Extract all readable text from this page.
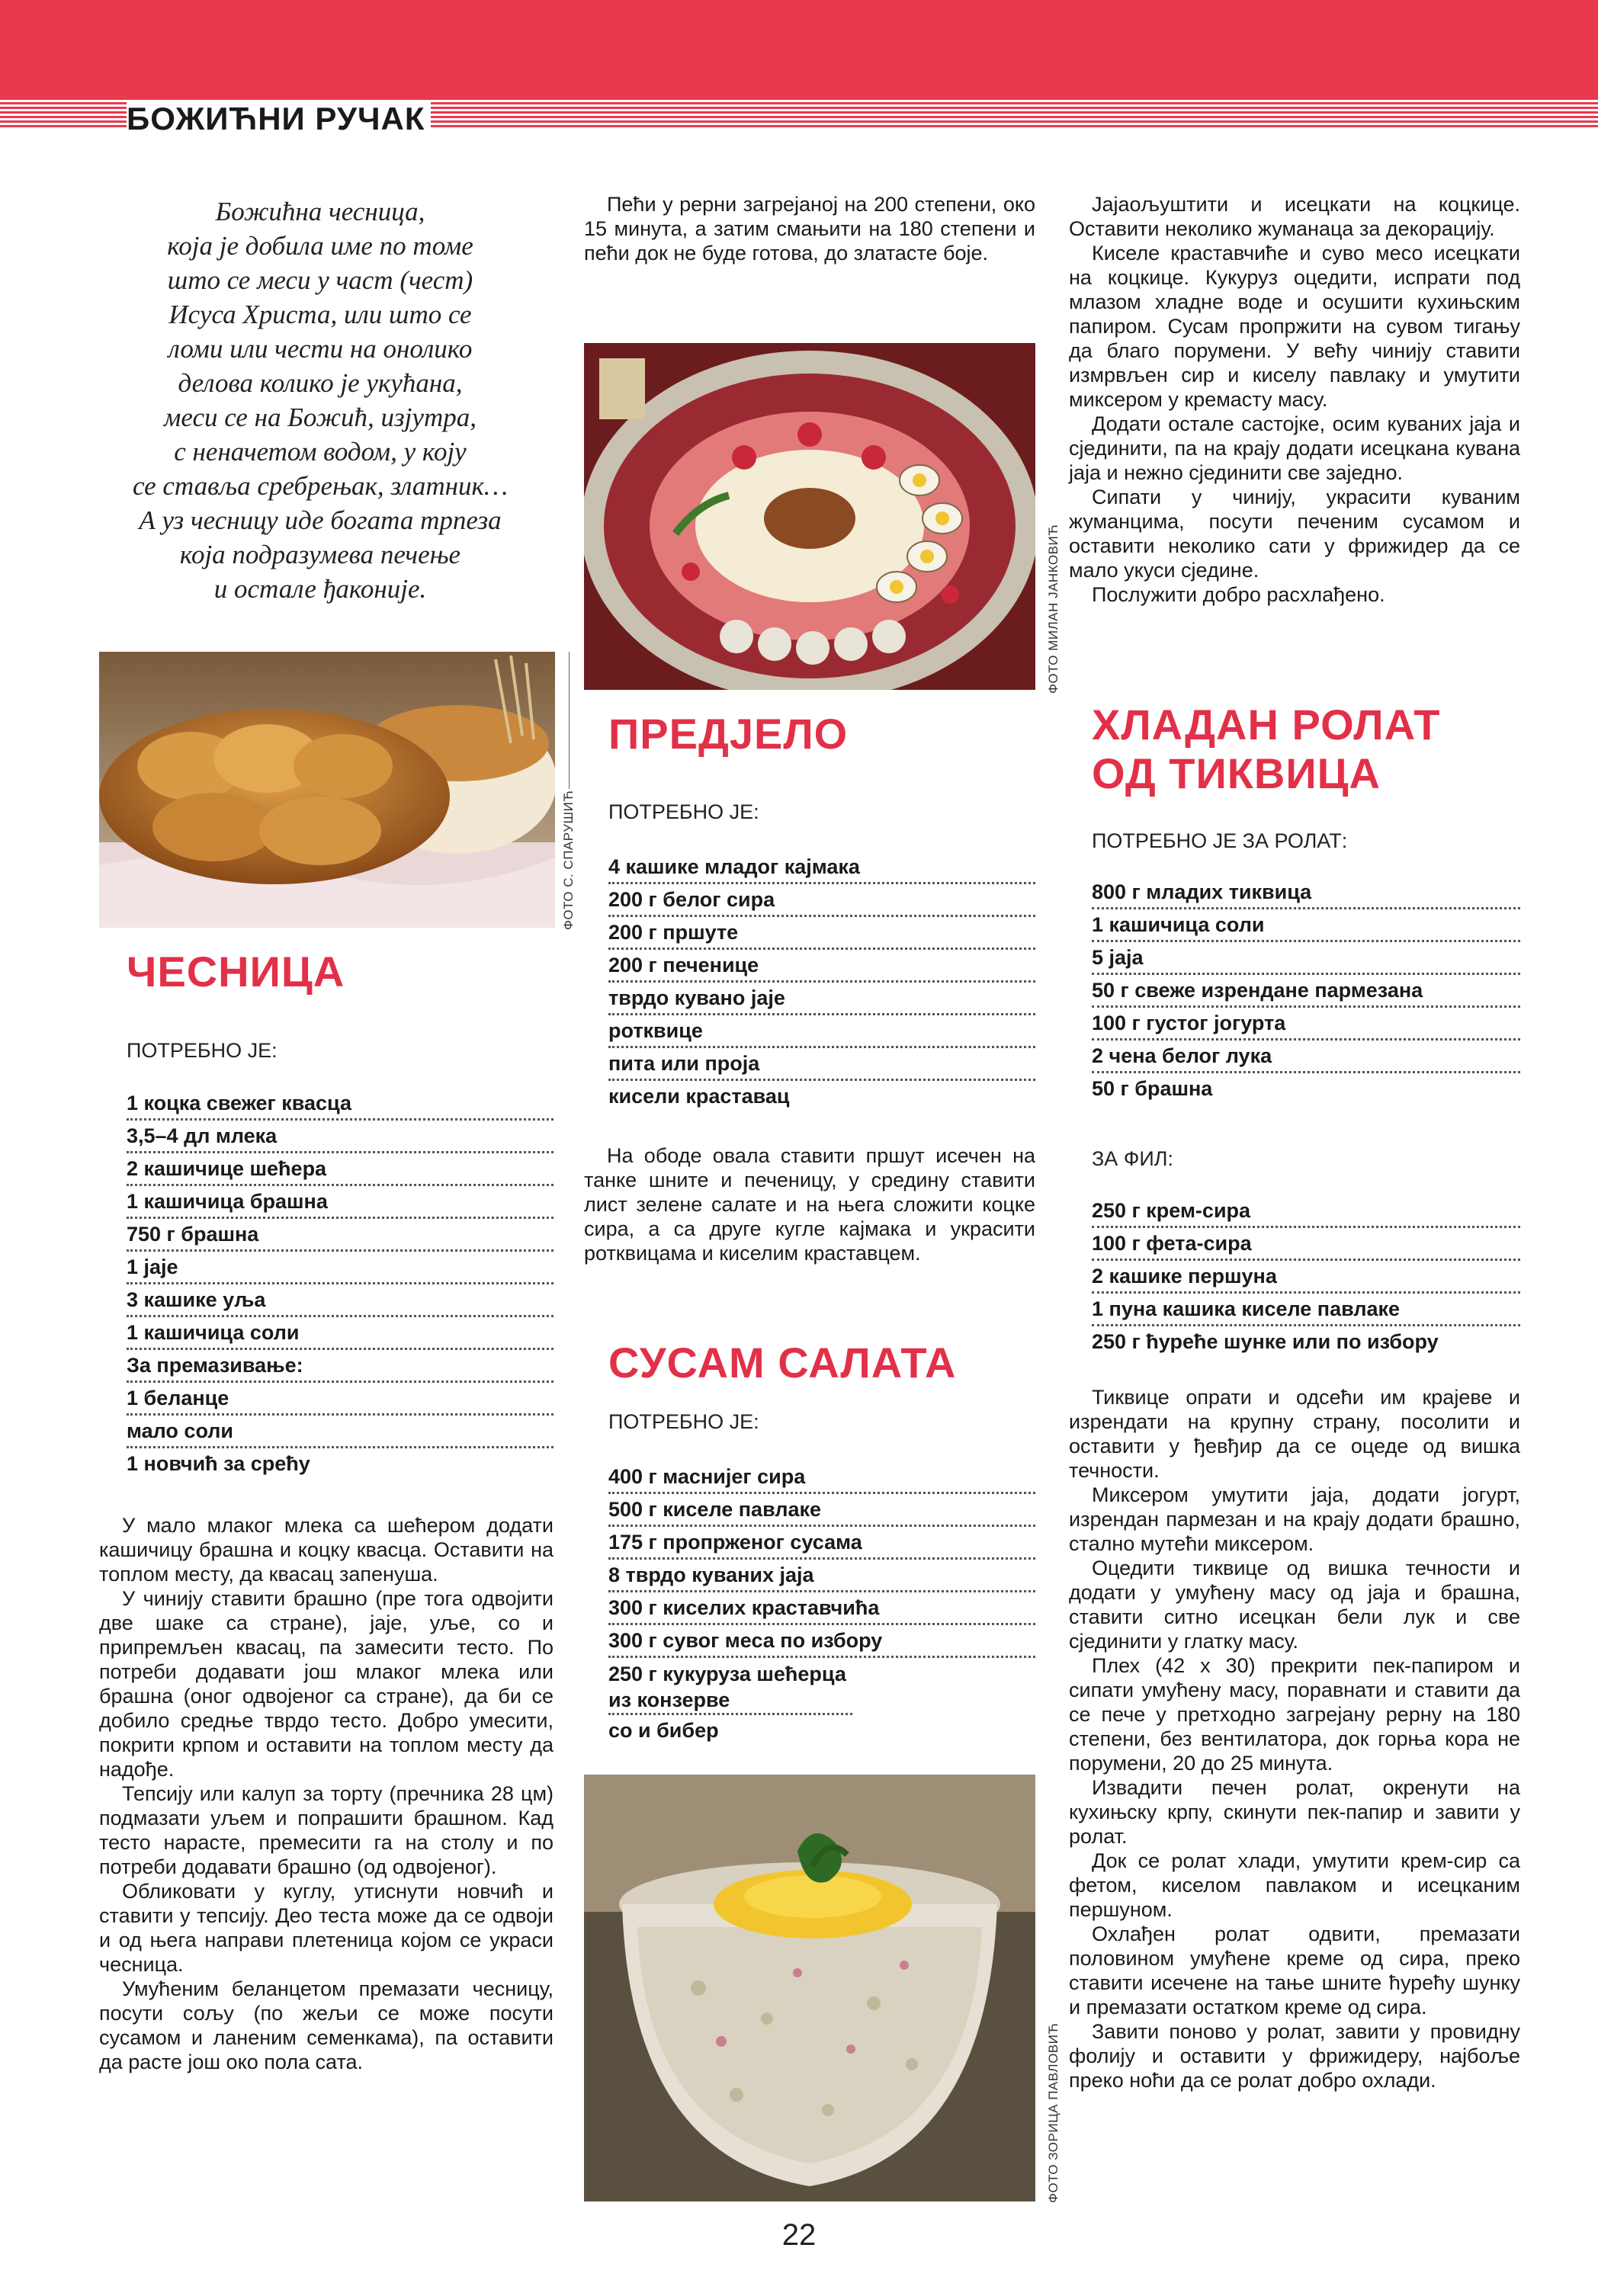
БОЖИЋНИ РУЧАК
Божићна чесница,
која је добила име по томе
што се меси у част (чест)
Исуса Христа, или што се
ломи или чести на онолико
делова колико је укућана,
меси се на Божић, изјутра,
с неначетом водом, у коју
се ставља сребрењак, златник…
А уз чесницу иде богата трпеза
која подразумева печење
и остале ђаконије.
ФОТО С. СПАРУШИЋ
ЧЕСНИЦА
ПОТРЕБНО ЈЕ:
1 коцка свежег квасца
3,5–4 дл млека
2 кашичице шећера
1 кашичица брашна
750 г брашна
1 јаје
3 кашике уља
1 кашичица соли
За премазивање:
1 беланце
мало соли
1 новчић за срећу

У мало млаког млека са шећером додати кашичицу брашна и коцку квасца. Оставити на топлом месту, да квасац запенуша.

У чинију ставити брашно (пре тога одвојити две шаке са стране), јаје, уље, со и припремљен квасац, па замесити тесто. По потреби додавати још млаког млека или брашна (оног одвојеног са стране), да би се добило средње тврдо тесто. Добро умесити, покрити крпом и оставити на топлом месту да надође.

Тепсију или калуп за торту (пречника 28 цм) подмазати уљем и попрашити брашном. Кад тесто нарасте, премесити га на столу и по потреби додавати брашно (од одвојеног).

Обликовати у куглу, утиснути новчић и ставити у тепсију. Део теста може да се одвоји и од њега направи плетеница којом се украси чесница.

Умућеним беланцетом премазати чесницу, посути сољу (по жељи се може посути сусамом и ланеним семенкама), па оставити да расте још око пола сата.

Пећи у рерни загрејаној на 200 степени, око 15 минута, а затим смањити на 180 степени и пећи док не буде готова, до златасте боје.

ФОТО МИЛАН ЈАНКОВИЋ
ПРЕДЈЕЛО
ПОТРЕБНО ЈЕ:
4 кашике младог кајмака
200 г белог сира
200 г пршуте
200 г печенице
тврдо кувано јаје
ротквице
пита или проја
кисели краставац

На ободе овала ставити пршут исечен на танке шните и печеницу, у средину ставити лист зелене салате и на њега сложити коцке сира, а са друге кугле кајмака и украсити ротквицама и киселим краставцем.

СУСАМ САЛАТА
ПОТРЕБНО ЈЕ:
400 г маснијег сира
500 г киселе павлаке
175 г пропрженог сусама
8 тврдо куваних јаја
300 г киселих краставчића
300 г сувог меса по избору
250 г кукуруза шећерца из конзерве
со и бибер
ФОТО ЗОРИЦА ПАВЛОВИЋ

Јајаољуштити и исецкати на коцкице. Оставити неколико жуманаца за декорацију.

Киселе краставчиће и суво месо исецкати на коцкице. Кукуруз оцедити, испрати под млазом хладне воде и осушити кухињским папиром. Сусам пропржити на сувом тигању да благо порумени. У већу чинију ставити измрвљен сир и киселу павлаку и умутити миксером у кремасту масу.

Додати остале састојке, осим куваних јаја и сјединити, па на крају додати исецкана кувана јаја и нежно сјединити све заједно.

Сипати у чинију, украсити куваним жуманцима, посути печеним сусамом и оставити неколико сати у фрижидер да се мало укуси сједине.

Послужити добро расхлађено.

ХЛАДАН РОЛАТ
ОД ТИКВИЦА
ПОТРЕБНО ЈЕ ЗА РОЛАТ:
800 г младих тиквица
1 кашичица соли
5 јаја
50 г свеже изрендане пармезана
100 г густог јогурта
2 чена белог лука
50 г брашна
ЗА ФИЛ:
250 г крем-сира
100 г фета-сира
2 кашике першуна
1 пуна кашика киселе павлаке
250 г ћуреће шунке или по избору

Тиквице опрати и одсећи им крајеве и изрендати на крупну страну, посолити и оставити у ђевђир да се оцеде од вишка течности.

Миксером умутити јаја, додати јогурт, изрендан пармезан и на крају додати брашно, стално мутећи миксером.

Оцедити тиквице од вишка течности и додати у умућену масу од јаја и брашна, ставити ситно исецкан бели лук и све сјединити у глатку масу.

Плех (42 х 30) прекрити пек-папиром и сипати умућену масу, поравнати и ставити да се пече у претходно загрејану рерну на 180 степени, без вентилатора, док горња кора не порумени, 20 до 25 минута.

Извадити печен ролат, окренути на кухињску крпу, скинути пек-папир и завити у ролат.

Док се ролат хлади, умутити крем-сир са фетом, киселом павлаком и исецканим першуном.

Охлађен ролат одвити, премазати половином умућене креме од сира, преко ставити исечене на тање шните ћурећу шунку и премазати остатком креме од сира.

Завити поново у ролат, завити у провидну фолију и оставити у фрижидеру, најбоље преко ноћи да се ролат добро охлади.

22
